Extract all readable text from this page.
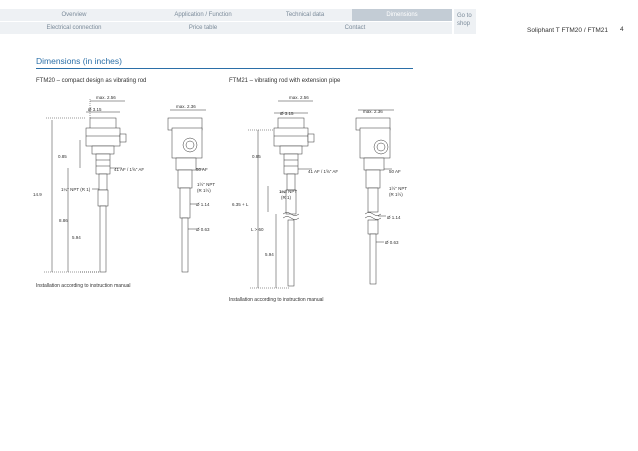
Overview	Application / Function	Technical data	Dimensions
Electrical connection	Price table	Contact
Go to
shop
Soliphant T FTM20 / FTM21 4
Dimensions (in inches)
FTM20 – compact design as vibrating rod	FTM21 – vibrating rod with extension pipe
max. 2.56
Ø 3.15
0.85
41 AF / 1⅝" AF
1¼" NPT (R 1)
14.9
8.86
5.94
max. 2.36
50 AF
1½" NPT
(R 1½)
Ø 1.14
Ø 0.63
max. 2.56
Ø 3.15
0.85
41 AF / 1⅝" AF
1¼" NPT
(R 1)
6.35 + L
L > 60
5.94
max. 2.36
50 AF
1½" NPT
(R 1½)
Ø 1.14
Ø 0.63
Installation according to instruction manual
Installation according to instruction manual
